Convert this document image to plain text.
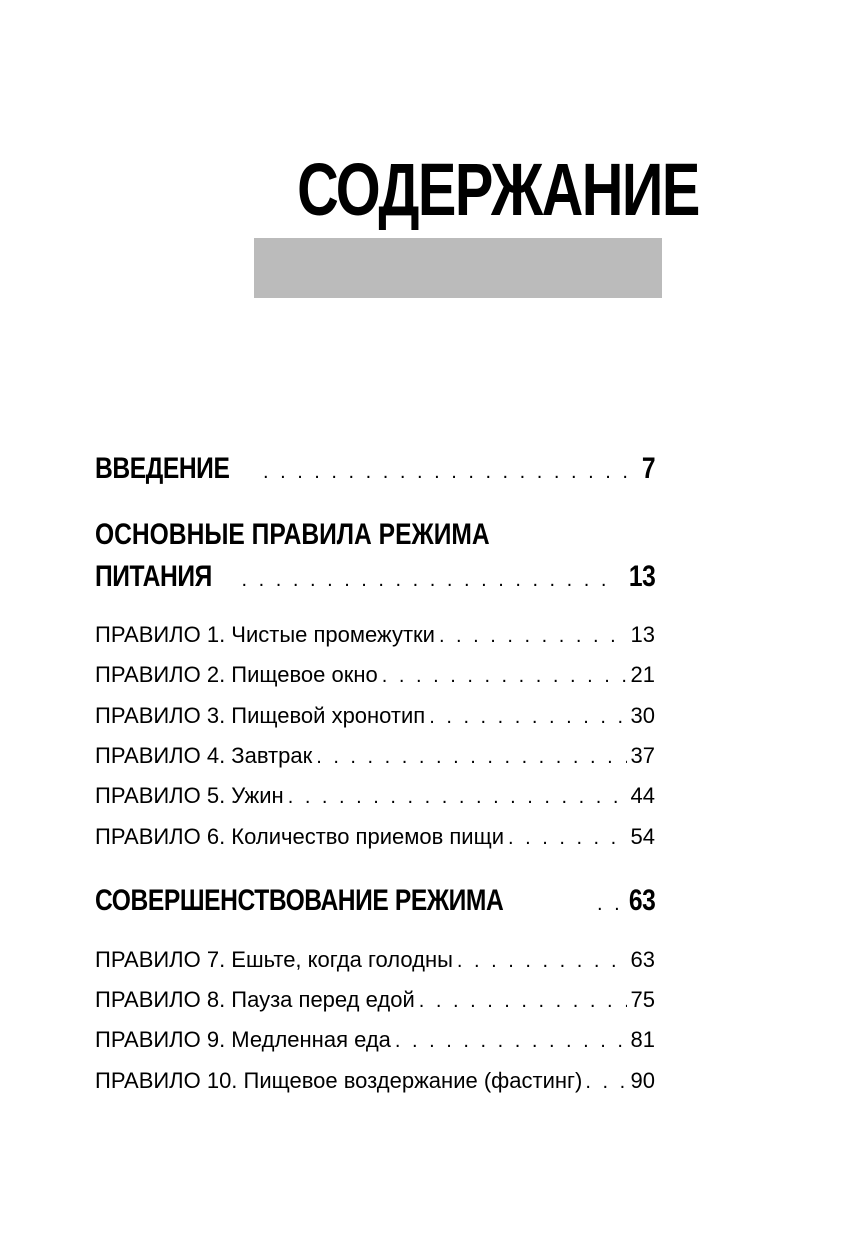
СОДЕРЖАНИЕ
ВВЕДЕНИЕ . . .	7
ОСНОВНЫЕ ПРАВИЛА РЕЖИМА
ПИТАНИЯ . . .	13
ПРАВИЛО 1. Чистые промежутки . . .	13
ПРАВИЛО 2. Пищевое окно . . .	21
ПРАВИЛО 3. Пищевой хронотип . . .	30
ПРАВИЛО 4. Завтрак . . .	37
ПРАВИЛО 5. Ужин . . .	44
ПРАВИЛО 6. Количество приемов пищи . . .	54
СОВЕРШЕНСТВОВАНИЕ РЕЖИМА . . .	63
ПРАВИЛО 7. Ешьте, когда голодны . . .	63
ПРАВИЛО 8. Пауза перед едой . . .	75
ПРАВИЛО 9. Медленная еда . . .	81
ПРАВИЛО 10. Пищевое воздержание (фастинг) . . . 90
